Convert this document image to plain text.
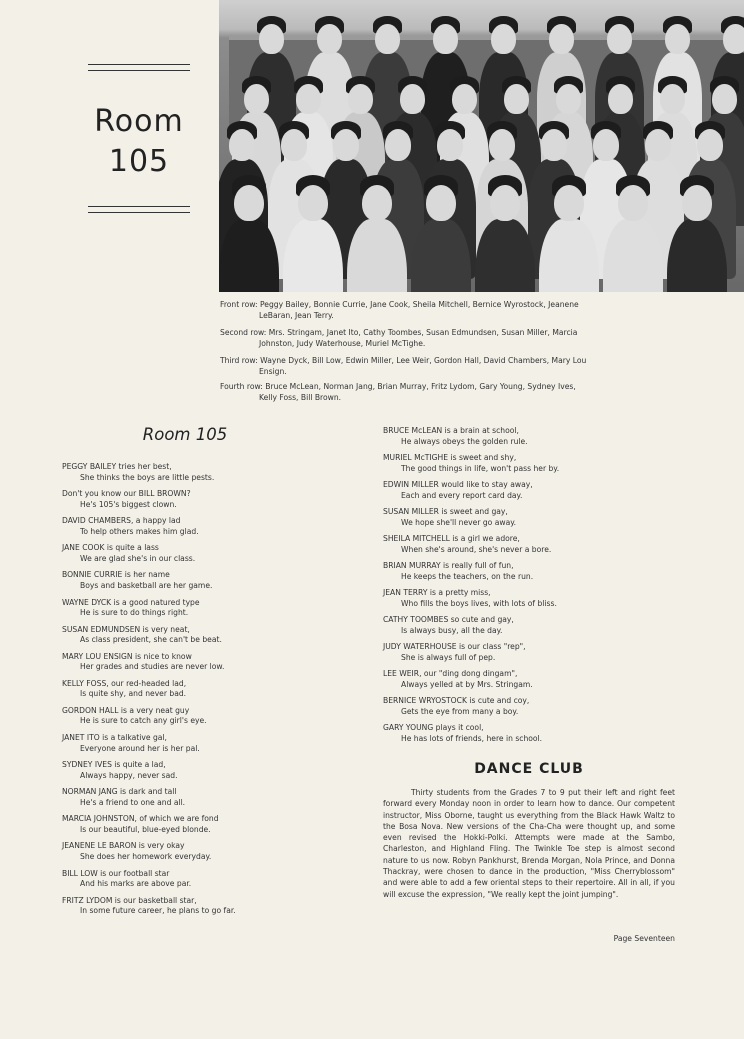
Room
105
Front row: Peggy Bailey, Bonnie Currie, Jane Cook, Sheila Mitchell, Bernice Wyrostock, Jeanene
LeBaran, Jean Terry.
Second row: Mrs. Stringam, Janet Ito, Cathy Toombes, Susan Edmundsen, Susan Miller, Marcia
Johnston, Judy Waterhouse, Muriel McTighe.
Third row: Wayne Dyck, Bill Low, Edwin Miller, Lee Weir, Gordon Hall, David Chambers, Mary Lou
Ensign.
Fourth row: Bruce McLean, Norman Jang, Brian Murray, Fritz Lydom, Gary Young, Sydney Ives,
Kelly Foss, Bill Brown.
Room 105
PEGGY BAILEY tries her best,
She thinks the boys are little pests.
Don't you know our BILL BROWN?
He's 105's biggest clown.
DAVID CHAMBERS, a happy lad
To help others makes him glad.
JANE COOK is quite a lass
We are glad she's in our class.
BONNIE CURRIE is her name
Boys and basketball are her game.
WAYNE DYCK is a good natured type
He is sure to do things right.
SUSAN EDMUNDSEN is very neat,
As class president, she can't be beat.
MARY LOU ENSIGN is nice to know
Her grades and studies are never low.
KELLY FOSS, our red-headed lad,
Is quite shy, and never bad.
GORDON HALL is a very neat guy
He is sure to catch any girl's eye.
JANET ITO is a talkative gal,
Everyone around her is her pal.
SYDNEY IVES is quite a lad,
Always happy, never sad.
NORMAN JANG is dark and tall
He's a friend to one and all.
MARCIA JOHNSTON, of which we are fond
Is our beautiful, blue-eyed blonde.
JEANENE LE BARON is very okay
She does her homework everyday.
BILL LOW is our football star
And his marks are above par.
FRITZ LYDOM is our basketball star,
In some future career, he plans to go far.
BRUCE McLEAN is a brain at school,
He always obeys the golden rule.
MURIEL McTIGHE is sweet and shy,
The good things in life, won't pass her by.
EDWIN MILLER would like to stay away,
Each and every report card day.
SUSAN MILLER is sweet and gay,
We hope she'll never go away.
SHEILA MITCHELL is a girl we adore,
When she's around, she's never a bore.
BRIAN MURRAY is really full of fun,
He keeps the teachers, on the run.
JEAN TERRY is a pretty miss,
Who fills the boys lives, with lots of bliss.
CATHY TOOMBES so cute and gay,
Is always busy, all the day.
JUDY WATERHOUSE is our class "rep",
She is always full of pep.
LEE WEIR, our "ding dong dingam",
Always yelled at by Mrs. Stringam.
BERNICE WRYOSTOCK is cute and coy,
Gets the eye from many a boy.
GARY YOUNG plays it cool,
He has lots of friends, here in school.
DANCE CLUB
Thirty students from the Grades 7 to 9 put their left and right feet forward every Monday noon in order to learn how to dance. Our competent instructor, Miss Oborne, taught us everything from the Black Hawk Waltz to the Bosa Nova. New versions of the Cha-Cha were thought up, and some even revised the Hokki-Polki. Attempts were made at the Sambo, Charleston, and Highland Fling. The Twinkle Toe step is almost second nature to us now. Robyn Pankhurst, Brenda Morgan, Nola Prince, and Donna Thackray, were chosen to dance in the production, "Miss Cherryblossom" and were able to add a few oriental steps to their repertoire. All in all, if you will excuse the expression, "We really kept the joint jumping".
Page Seventeen
